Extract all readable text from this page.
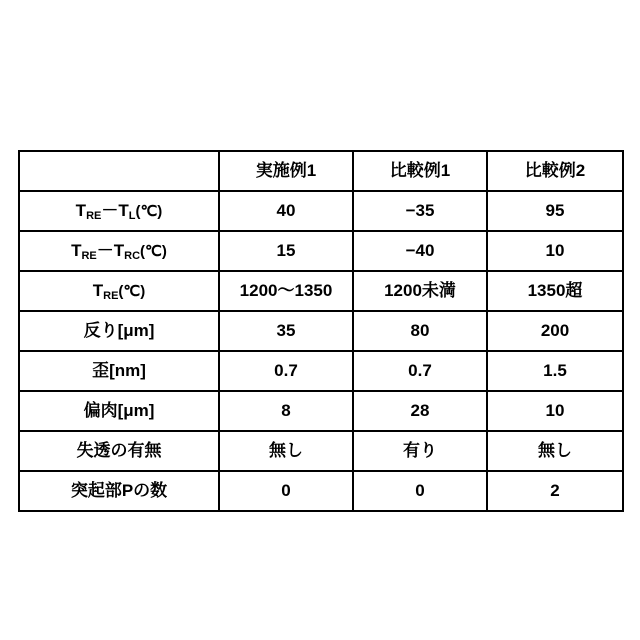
	実施例1	比較例1	比較例2
$T_{RE}-T_L(℃)$	40	−35	95
$T_{RE}-T_{RC}(℃)$	15	−40	10
$T_{RE}(℃)$	1200〜1350	1200未満	1350超
反り[μm]	35	80	200
歪[nm]	0.7	0.7	1.5
偏肉[μm]	8	28	10
失透の有無	無し	有り	無し
突起部Pの数	0	0	2
